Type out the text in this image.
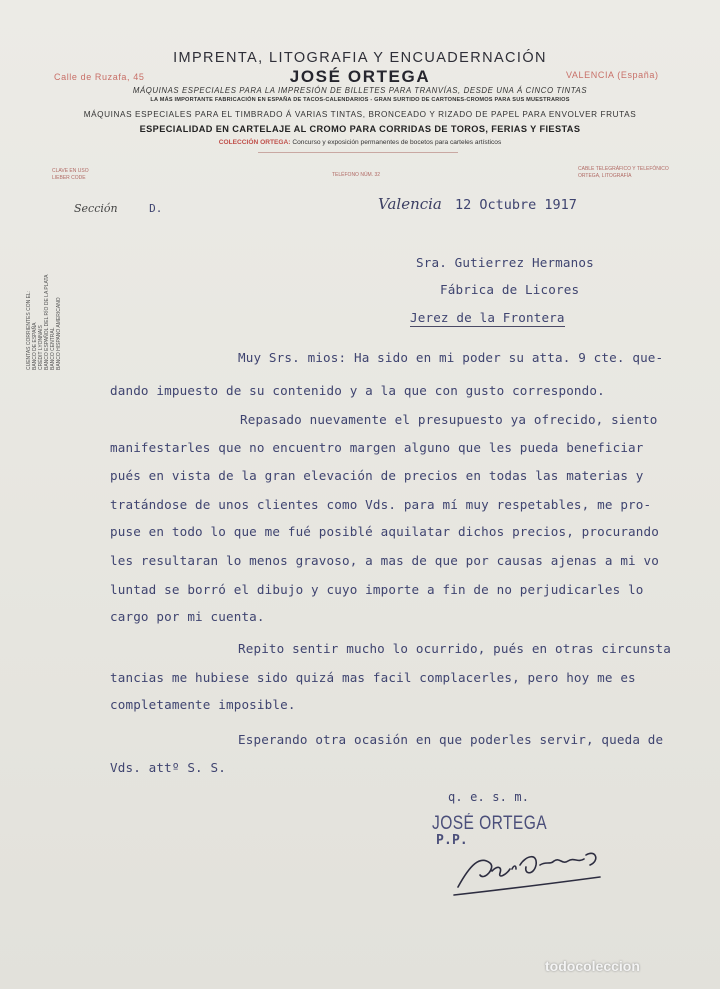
IMPRENTA, LITOGRAFIA Y ENCUADERNACIÓN
JOSÉ ORTEGA
Calle de Ruzafa, 45	VALENCIA (España)
MÁQUINAS ESPECIALES PARA LA IMPRESIÓN DE BILLETES PARA TRANVÍAS, DESDE UNA Á CINCO TINTAS
LA MÁS IMPORTANTE FABRICACIÓN EN ESPAÑA DE TACOS-CALENDARIOS - GRAN SURTIDO DE CARTONES-CROMOS PARA SUS MUESTRARIOS
MÁQUINAS ESPECIALES PARA EL TIMBRADO Á VARIAS TINTAS, BRONCEADO Y RIZADO DE PAPEL PARA ENVOLVER FRUTAS
ESPECIALIDAD EN CARTELAJE AL CROMO PARA CORRIDAS DE TOROS, FERIAS Y FIESTAS
COLECCIÓN ORTEGA: Concurso y exposición permanentes de bocetos para carteles artísticos
CLAVE EN USO
LIEBER CODE	TELÉFONO NÚM. 32
CABLE TELEGRÁFICO Y TELEFÓNICO
ORTEGA, LITOGRAFÍA
CUENTAS CORRIENTES CON EL: BANCO DE ESPAÑA CRÉDIT LYONNAIS BANCO ESPAÑOL DEL RÍO DE LA PLATA BANCO CENTRAL BANCO HISPANO AMERICANO
Sección	D.	Valencia 12 Octubre 1917
Sra. Gutierrez Hermanos
Fábrica de Licores
Jerez de la Frontera
Muy Srs. mios: Ha sido en mi poder su atta. 9 cte. que-
dando impuesto de su contenido y a la que con gusto correspondo.
Repasado nuevamente el presupuesto ya ofrecido, siento
manifestarles que no encuentro margen alguno que les pueda beneficiar
pués en vista de la gran elevación de precios en todas las materias y
tratándose de unos clientes como Vds. para mí muy respetables, me pro-
puse en todo lo que me fué posiblé aquilatar dichos precios, procurando
les resultaran lo menos gravoso, a mas de que por causas ajenas a mi vo
luntad se borró el dibujo y cuyo importe a fin de no perjudicarles lo
cargo por mi cuenta.
Repito sentir mucho lo ocurrido, pués en otras circunsta
tancias me hubiese sido quizá mas facil complacerles, pero hoy me es
completamente imposible.
Esperando otra ocasión en que poderles servir, queda de
Vds. attº S. S.
q. e. s. m.
JOSÉ ORTEGA
P.P.
todocoleccion
